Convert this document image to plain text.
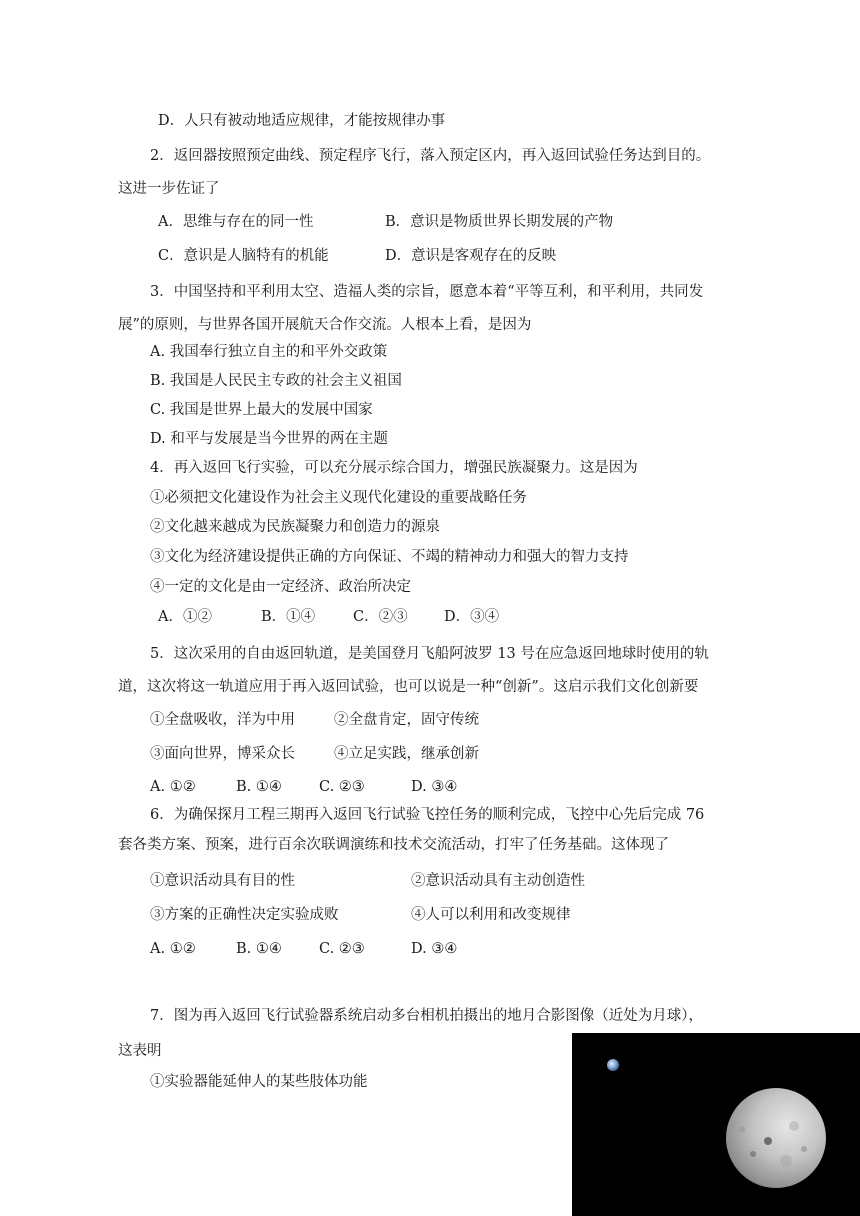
D．人只有被动地适应规律，才能按规律办事
2．返回器按照预定曲线、预定程序飞行，落入预定区内，再入返回试验任务达到目的。
这进一步佐证了
A．思维与存在的同一性	B．意识是物质世界长期发展的产物
C．意识是人脑特有的机能	D．意识是客观存在的反映
3．中国坚持和平利用太空、造福人类的宗旨，愿意本着“平等互利，和平利用，共同发
展”的原则，与世界各国开展航天合作交流。人根本上看，是因为
A. 我国奉行独立自主的和平外交政策
B. 我国是人民民主专政的社会主义祖国
C. 我国是世界上最大的发展中国家
D. 和平与发展是当今世界的两在主题
4．再入返回飞行实验，可以充分展示综合国力，增强民族凝聚力。这是因为
①必须把文化建设作为社会主义现代化建设的重要战略任务
②文化越来越成为民族凝聚力和创造力的源泉
③文化为经济建设提供正确的方向保证、不竭的精神动力和强大的智力支持
④一定的文化是由一定经济、政治所决定
A．①②	B．①④	C．②③	D．③④
5．这次采用的自由返回轨道，是美国登月飞船阿波罗 13 号在应急返回地球时使用的轨
道，这次将这一轨道应用于再入返回试验，也可以说是一种“创新”。这启示我们文化创新要
①全盘吸收，洋为中用	②全盘肯定，固守传统
③面向世界，博采众长	④立足实践，继承创新
A. ①②	B. ①④	C. ②③	D. ③④
6．为确保探月工程三期再入返回飞行试验飞控任务的顺利完成，飞控中心先后完成 76
套各类方案、预案，进行百余次联调演练和技术交流活动，打牢了任务基础。这体现了
①意识活动具有目的性	②意识活动具有主动创造性
③方案的正确性决定实验成败	④人可以利用和改变规律
A. ①②	B. ①④	C. ②③	D. ③④
7．图为再入返回飞行试验器系统启动多台相机拍摄出的地月合影图像（近处为月球），
这表明
①实验器能延伸人的某些肢体功能
